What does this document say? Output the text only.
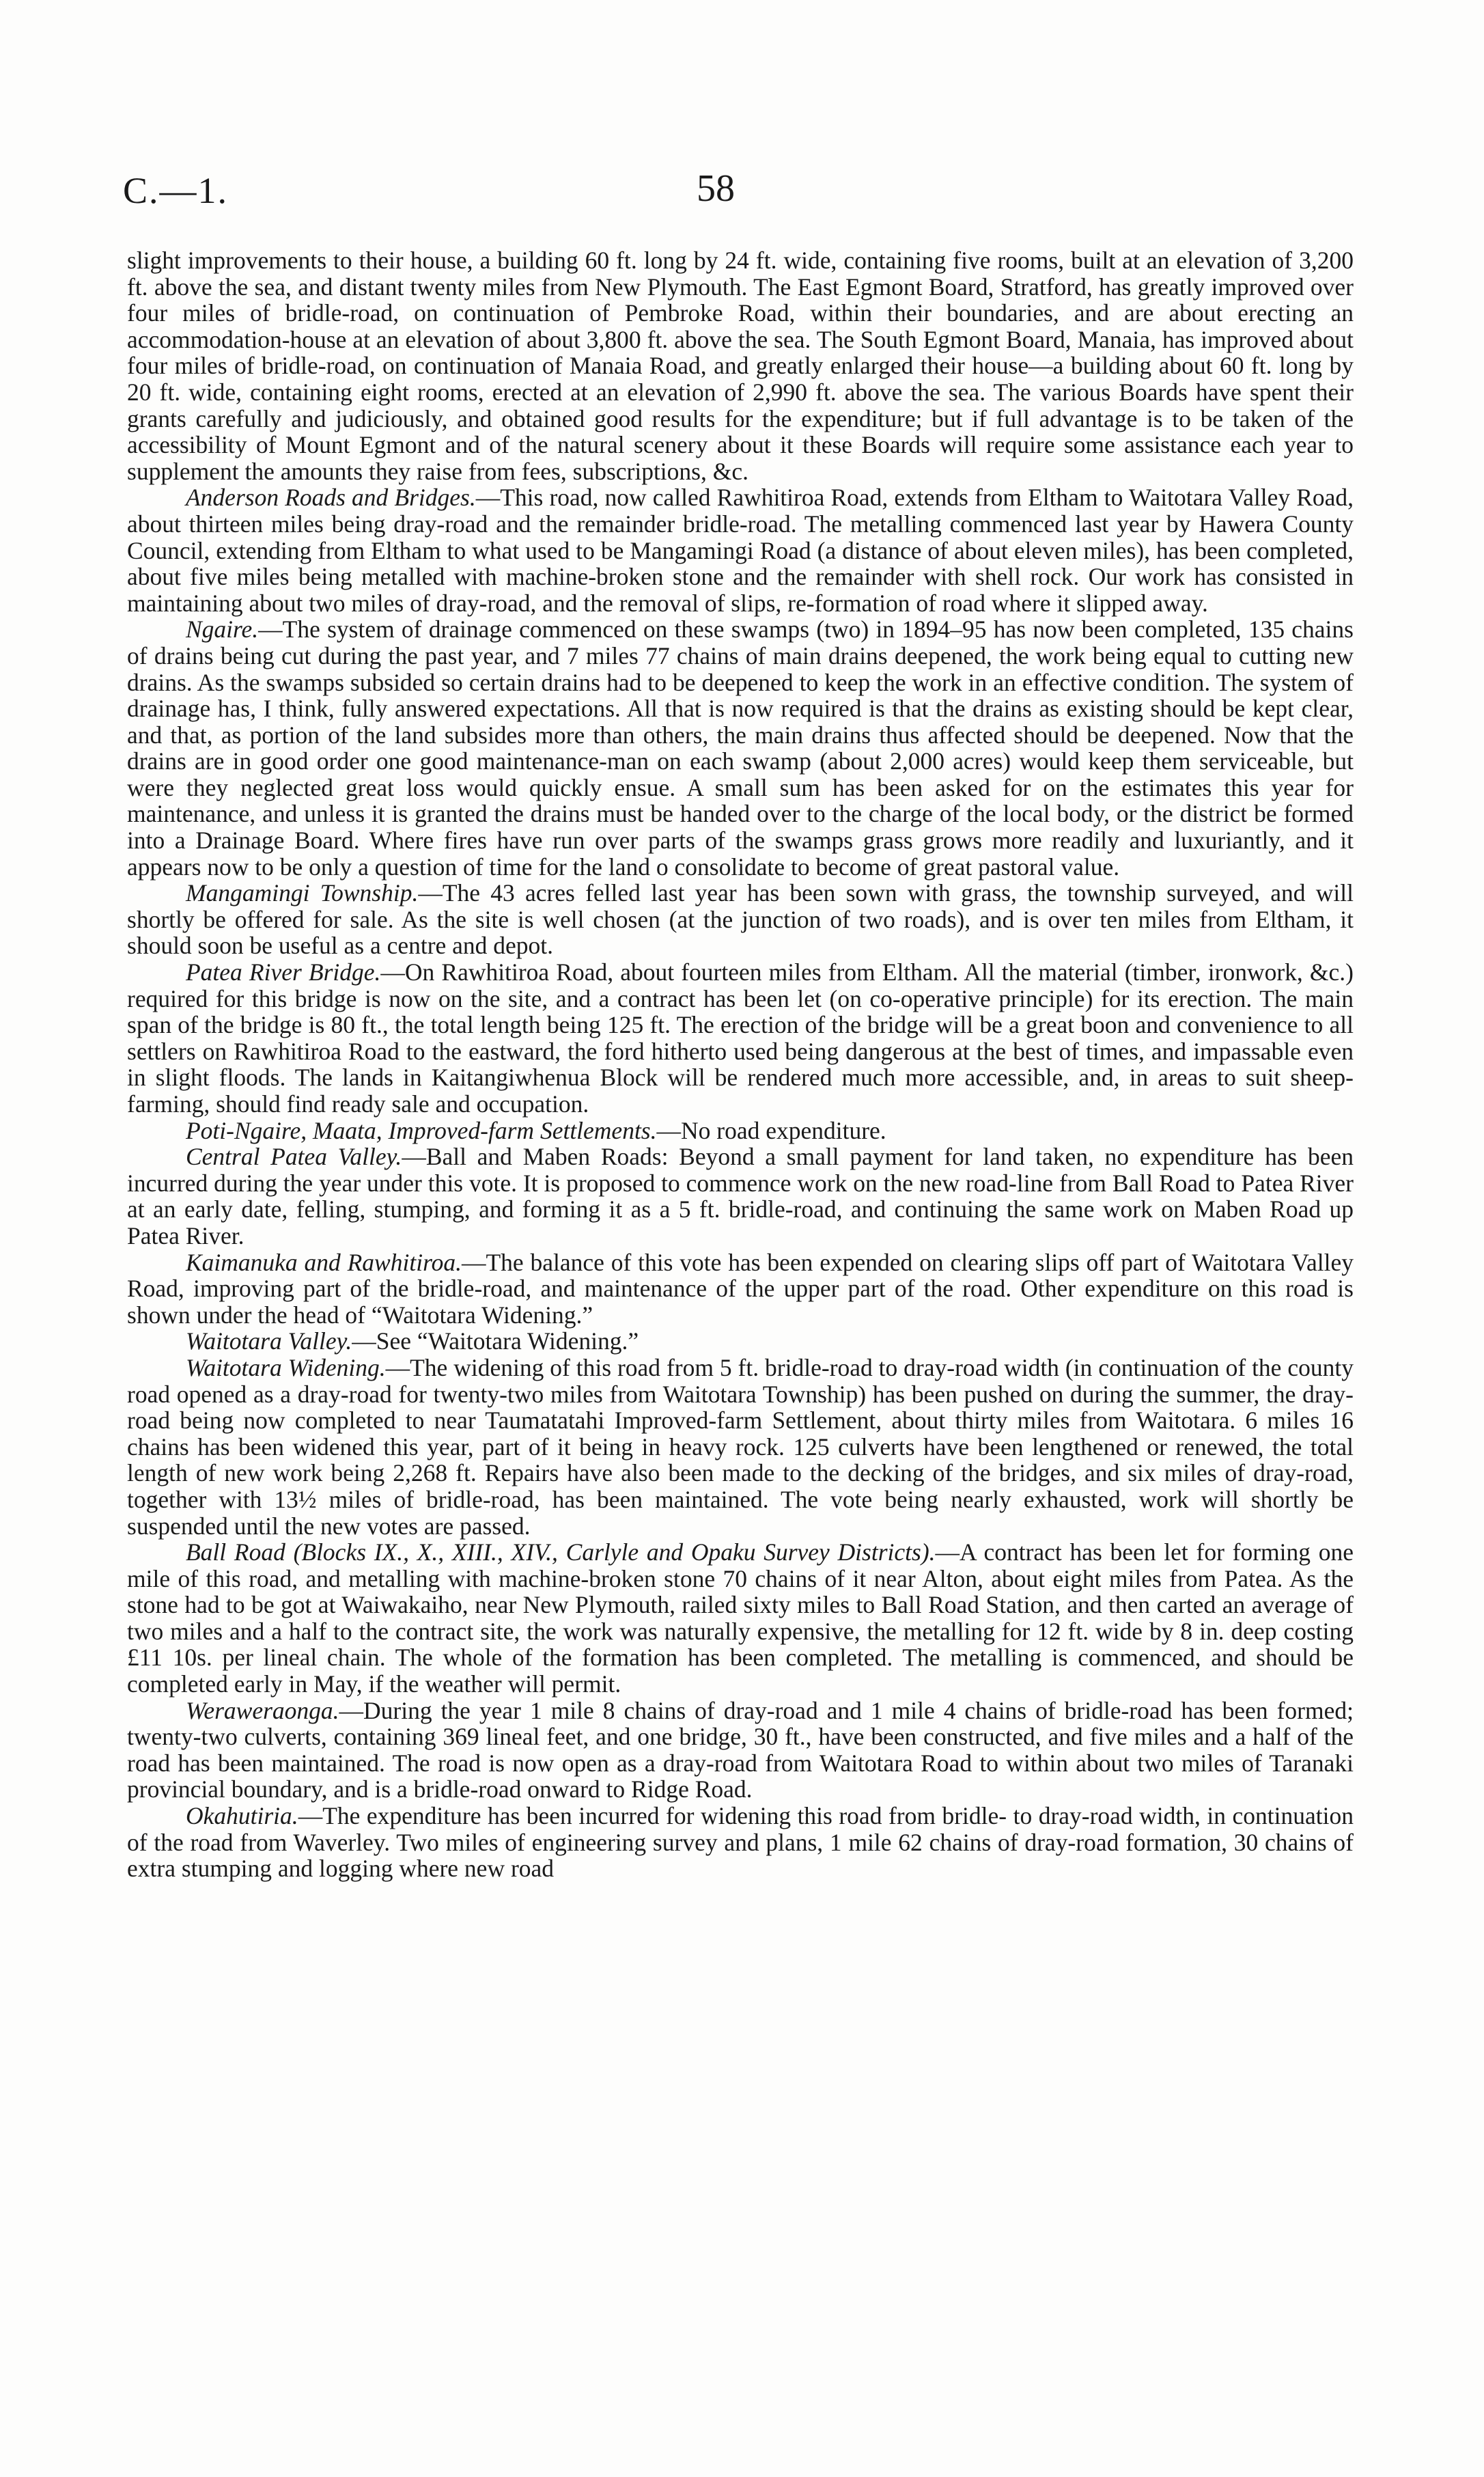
C.—1.	58

slight improvements to their house, a building 60 ft. long by 24 ft. wide, containing five rooms, built at an elevation of 3,200 ft. above the sea, and distant twenty miles from New Plymouth. The East Egmont Board, Stratford, has greatly improved over four miles of bridle-road, on continuation of Pembroke Road, within their boundaries, and are about erecting an accommodation-house at an elevation of about 3,800 ft. above the sea. The South Egmont Board, Manaia, has improved about four miles of bridle-road, on continuation of Manaia Road, and greatly enlarged their house—a building about 60 ft. long by 20 ft. wide, containing eight rooms, erected at an elevation of 2,990 ft. above the sea. The various Boards have spent their grants carefully and judiciously, and obtained good results for the expenditure; but if full advantage is to be taken of the accessibility of Mount Egmont and of the natural scenery about it these Boards will require some assistance each year to supplement the amounts they raise from fees, subscriptions, &c.

Anderson Roads and Bridges.—This road, now called Rawhitiroa Road, extends from Eltham to Waitotara Valley Road, about thirteen miles being dray-road and the remainder bridle-road. The metalling commenced last year by Hawera County Council, extending from Eltham to what used to be Mangamingi Road (a distance of about eleven miles), has been completed, about five miles being metalled with machine-broken stone and the remainder with shell rock. Our work has consisted in maintaining about two miles of dray-road, and the removal of slips, re-formation of road where it slipped away.

Ngaire.—The system of drainage commenced on these swamps (two) in 1894–95 has now been completed, 135 chains of drains being cut during the past year, and 7 miles 77 chains of main drains deepened, the work being equal to cutting new drains. As the swamps subsided so certain drains had to be deepened to keep the work in an effective condition. The system of drainage has, I think, fully answered expectations. All that is now required is that the drains as existing should be kept clear, and that, as portion of the land subsides more than others, the main drains thus affected should be deepened. Now that the drains are in good order one good maintenance-man on each swamp (about 2,000 acres) would keep them serviceable, but were they neglected great loss would quickly ensue. A small sum has been asked for on the estimates this year for maintenance, and unless it is granted the drains must be handed over to the charge of the local body, or the district be formed into a Drainage Board. Where fires have run over parts of the swamps grass grows more readily and luxuriantly, and it appears now to be only a question of time for the land o consolidate to become of great pastoral value.

Mangamingi Township.—The 43 acres felled last year has been sown with grass, the township surveyed, and will shortly be offered for sale. As the site is well chosen (at the junction of two roads), and is over ten miles from Eltham, it should soon be useful as a centre and depot.

Patea River Bridge.—On Rawhitiroa Road, about fourteen miles from Eltham. All the material (timber, ironwork, &c.) required for this bridge is now on the site, and a contract has been let (on co-operative principle) for its erection. The main span of the bridge is 80 ft., the total length being 125 ft. The erection of the bridge will be a great boon and convenience to all settlers on Rawhitiroa Road to the eastward, the ford hitherto used being dangerous at the best of times, and impassable even in slight floods. The lands in Kaitangiwhenua Block will be rendered much more accessible, and, in areas to suit sheep-farming, should find ready sale and occupation.

Poti-Ngaire, Maata, Improved-farm Settlements.—No road expenditure.

Central Patea Valley.—Ball and Maben Roads: Beyond a small payment for land taken, no expenditure has been incurred during the year under this vote. It is proposed to commence work on the new road-line from Ball Road to Patea River at an early date, felling, stumping, and forming it as a 5 ft. bridle-road, and continuing the same work on Maben Road up Patea River.

Kaimanuka and Rawhitiroa.—The balance of this vote has been expended on clearing slips off part of Waitotara Valley Road, improving part of the bridle-road, and maintenance of the upper part of the road. Other expenditure on this road is shown under the head of “Waitotara Widening.”

Waitotara Valley.—See “Waitotara Widening.”

Waitotara Widening.—The widening of this road from 5 ft. bridle-road to dray-road width (in continuation of the county road opened as a dray-road for twenty-two miles from Waitotara Township) has been pushed on during the summer, the dray-road being now completed to near Taumatatahi Improved-farm Settlement, about thirty miles from Waitotara. 6 miles 16 chains has been widened this year, part of it being in heavy rock. 125 culverts have been lengthened or renewed, the total length of new work being 2,268 ft. Repairs have also been made to the decking of the bridges, and six miles of dray-road, together with 13½ miles of bridle-road, has been maintained. The vote being nearly exhausted, work will shortly be suspended until the new votes are passed.

Ball Road (Blocks IX., X., XIII., XIV., Carlyle and Opaku Survey Districts).—A contract has been let for forming one mile of this road, and metalling with machine-broken stone 70 chains of it near Alton, about eight miles from Patea. As the stone had to be got at Waiwakaiho, near New Plymouth, railed sixty miles to Ball Road Station, and then carted an average of two miles and a half to the contract site, the work was naturally expensive, the metalling for 12 ft. wide by 8 in. deep costing £11 10s. per lineal chain. The whole of the formation has been completed. The metalling is commenced, and should be completed early in May, if the weather will permit.

Weraweraonga.—During the year 1 mile 8 chains of dray-road and 1 mile 4 chains of bridle-road has been formed; twenty-two culverts, containing 369 lineal feet, and one bridge, 30 ft., have been constructed, and five miles and a half of the road has been maintained. The road is now open as a dray-road from Waitotara Road to within about two miles of Taranaki provincial boundary, and is a bridle-road onward to Ridge Road.

Okahutiria.—The expenditure has been incurred for widening this road from bridle- to dray-road width, in continuation of the road from Waverley. Two miles of engineering survey and plans, 1 mile 62 chains of dray-road formation, 30 chains of extra stumping and logging where new road
